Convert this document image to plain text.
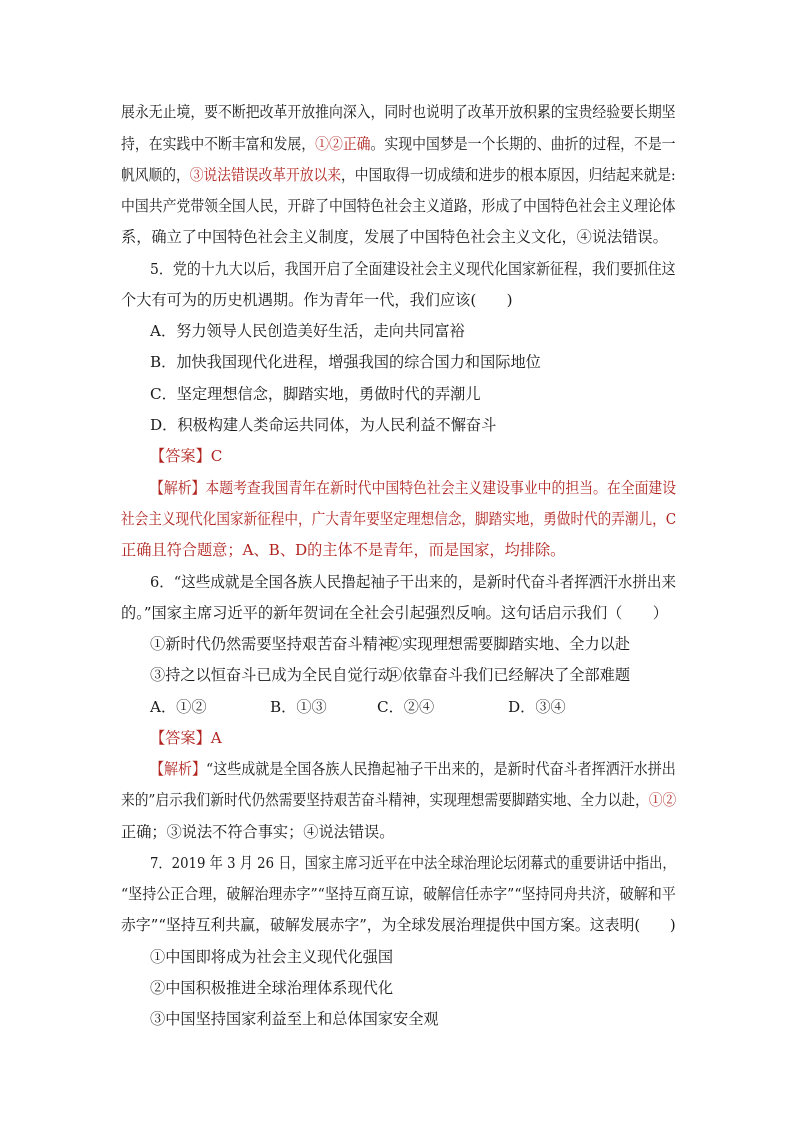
展永无止境，要不断把改革开放推向深入，同时也说明了改革开放积累的宝贵经验要长期坚
持，在实践中不断丰富和发展，①②正确。实现中国梦是一个长期的、曲折的过程，不是一
帆风顺的，③说法错误改革开放以来，中国取得一切成绩和进步的根本原因，归结起来就是:
中国共产党带领全国人民，开辟了中国特色社会主义道路，形成了中国特色社会主义理论体
系，确立了中国特色社会主义制度，发展了中国特色社会主义文化，④说法错误。
5．党的十九大以后，我国开启了全面建设社会主义现代化国家新征程，我们要抓住这
个大有可为的历史机遇期。作为青年一代，我们应该(　　)
A．努力领导人民创造美好生活，走向共同富裕
B．加快我国现代化进程，增强我国的综合国力和国际地位
C．坚定理想信念，脚踏实地，勇做时代的弄潮儿
D．积极构建人类命运共同体，为人民利益不懈奋斗
【答案】C
【解析】本题考查我国青年在新时代中国特色社会主义建设事业中的担当。在全面建设
社会主义现代化国家新征程中，广大青年要坚定理想信念，脚踏实地，勇做时代的弄潮儿，C
正确且符合题意；A、B、D的主体不是青年，而是国家，均排除。
6．“这些成就是全国各族人民撸起袖子干出来的，是新时代奋斗者挥洒汗水拼出来
的。”国家主席习近平的新年贺词在全社会引起强烈反响。这句话启示我们（　　）
①新时代仍然需要坚持艰苦奋斗精神
②实现理想需要脚踏实地、全力以赴
③持之以恒奋斗已成为全民自觉行动
④依靠奋斗我们已经解决了全部难题
A．①②	B．①③	C．②④	D．③④
【答案】A
【解析】“这些成就是全国各族人民撸起袖子干出来的，是新时代奋斗者挥洒汗水拼出
来的”启示我们新时代仍然需要坚持艰苦奋斗精神，实现理想需要脚踏实地、全力以赴，①②
正确；③说法不符合事实；④说法错误。
7．2019 年 3 月 26 日，国家主席习近平在中法全球治理论坛闭幕式的重要讲话中指出，
“坚持公正合理，破解治理赤字”“坚持互商互谅，破解信任赤字”“坚持同舟共济，破解和平
赤字”“坚持互利共赢，破解发展赤字”，为全球发展治理提供中国方案。这表明(　　)
①中国即将成为社会主义现代化强国
②中国积极推进全球治理体系现代化
③中国坚持国家利益至上和总体国家安全观
